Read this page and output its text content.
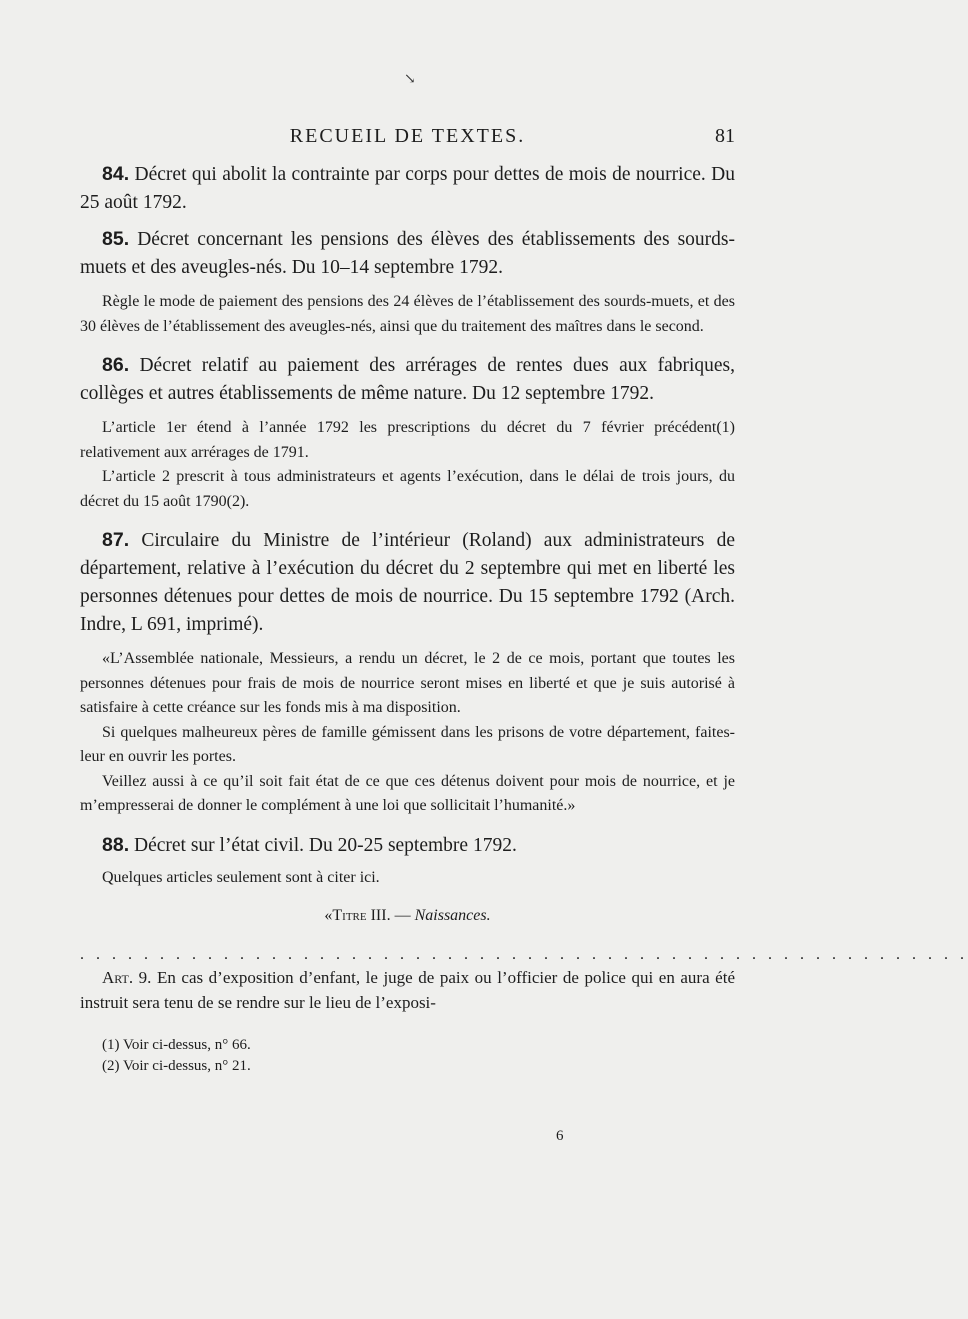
↘
RECUEIL DE TEXTES.	81

84. Décret qui abolit la contrainte par corps pour dettes de mois de nourrice. Du 25 août 1792.

85. Décret concernant les pensions des élèves des établissements des sourds-muets et des aveugles-nés. Du 10–14 septembre 1792.

Règle le mode de paiement des pensions des 24 élèves de l’établissement des sourds-muets, et des 30 élèves de l’établissement des aveugles-nés, ainsi que du traitement des maîtres dans le second.

86. Décret relatif au paiement des arrérages de rentes dues aux fabriques, collèges et autres établissements de même nature. Du 12 septembre 1792.

L’article 1er étend à l’année 1792 les prescriptions du décret du 7 février précédent(1) relativement aux arrérages de 1791.

L’article 2 prescrit à tous administrateurs et agents l’exécution, dans le délai de trois jours, du décret du 15 août 1790(2).

87. Circulaire du Ministre de l’intérieur (Roland) aux administrateurs de département, relative à l’exécution du décret du 2 septembre qui met en liberté les personnes détenues pour dettes de mois de nourrice. Du 15 septembre 1792 (Arch. Indre, L 691, imprimé).

«L’Assemblée nationale, Messieurs, a rendu un décret, le 2 de ce mois, portant que toutes les personnes détenues pour frais de mois de nourrice seront mises en liberté et que je suis autorisé à satisfaire à cette créance sur les fonds mis à ma disposition.

Si quelques malheureux pères de famille gémissent dans les prisons de votre département, faites-leur en ouvrir les portes.

Veillez aussi à ce qu’il soit fait état de ce que ces détenus doivent pour mois de nourrice, et je m’empresserai de donner le complément à une loi que sollicitait l’humanité.»

88. Décret sur l’état civil. Du 20-25 septembre 1792.

Quelques articles seulement sont à citer ici.

«Titre III. — Naissances.

. . . . . . . . . . . . . . . . . . . . . . . . . . . . . . . . . . . . . . . . . . . . . . . . . . . . . . . .

Art. 9. En cas d’exposition d’enfant, le juge de paix ou l’officier de police qui en aura été instruit sera tenu de se rendre sur le lieu de l’exposi-

(1) Voir ci-dessus, n° 66.

(2) Voir ci-dessus, n° 21.

6
